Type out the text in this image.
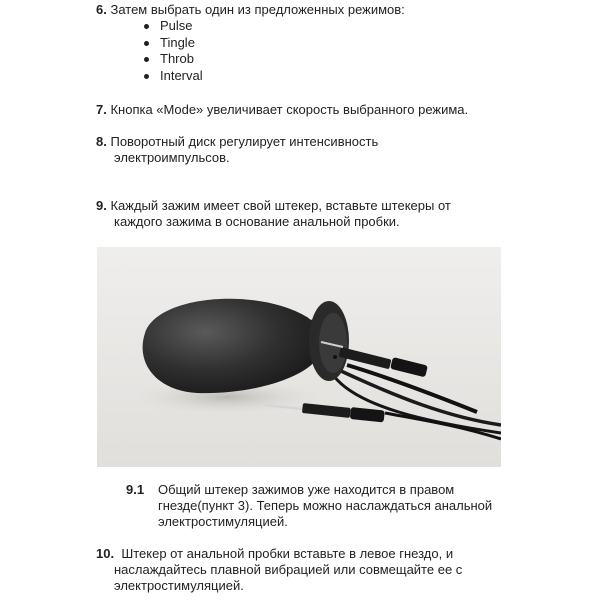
6. Затем выбрать один из предложенных режимов:

Pulse
Tingle
Throb
Interval

7. Кнопка «Mode» увеличивает скорость выбранного режима.

8. Поворотный диск регулирует интенсивность
электроимпульсов.

9. Каждый зажим имеет свой штекер, вставьте штекеры от
каждого зажима в основание анальной пробки.

9.1 Общий штекер зажимов уже находится в правом
гнезде(пункт 3). Теперь можно наслаждаться анальной
электростимуляцией.

10. Штекер от анальной пробки вставьте в левое гнездо, и
наслаждайтесь плавной вибрацией или совмещайте ее с
электростимуляцией.
